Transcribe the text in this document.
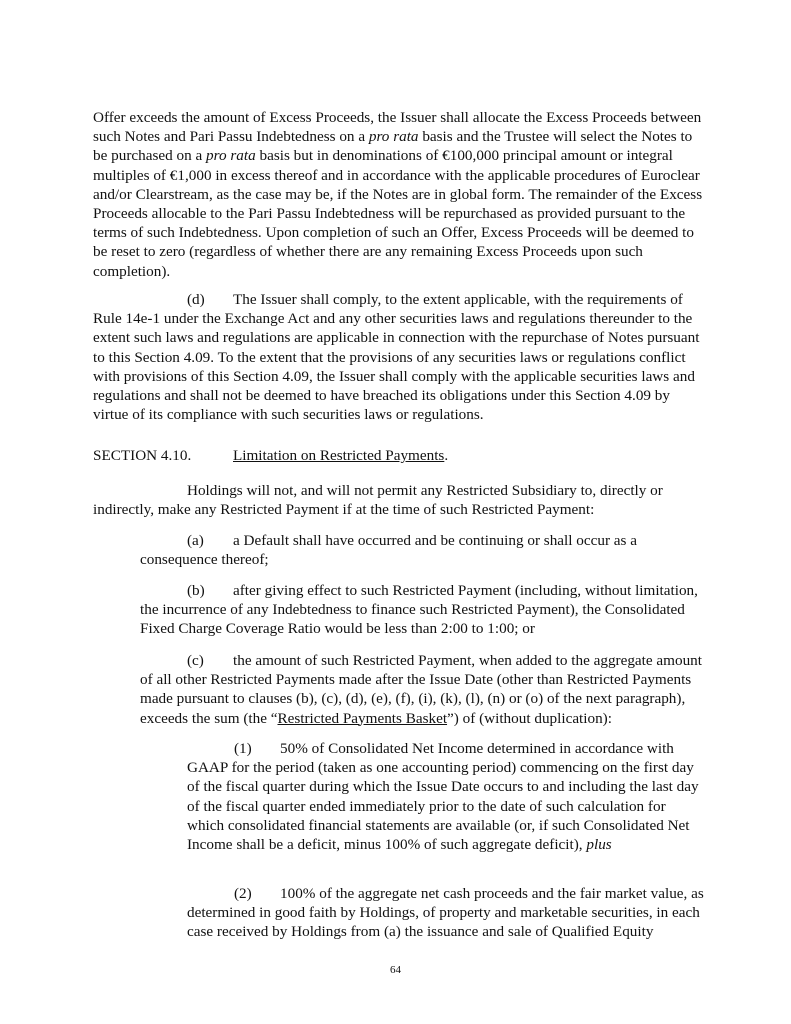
Offer exceeds the amount of Excess Proceeds, the Issuer shall allocate the Excess Proceeds between such Notes and Pari Passu Indebtedness on a pro rata basis and the Trustee will select the Notes to be purchased on a pro rata basis but in denominations of €100,000 principal amount or integral multiples of €1,000 in excess thereof and in accordance with the applicable procedures of Euroclear and/or Clearstream, as the case may be, if the Notes are in global form. The remainder of the Excess Proceeds allocable to the Pari Passu Indebtedness will be repurchased as provided pursuant to the terms of such Indebtedness. Upon completion of such an Offer, Excess Proceeds will be deemed to be reset to zero (regardless of whether there are any remaining Excess Proceeds upon such completion).

(d) The Issuer shall comply, to the extent applicable, with the requirements of Rule 14e-1 under the Exchange Act and any other securities laws and regulations thereunder to the extent such laws and regulations are applicable in connection with the repurchase of Notes pursuant to this Section 4.09. To the extent that the provisions of any securities laws or regulations conflict with provisions of this Section 4.09, the Issuer shall comply with the applicable securities laws and regulations and shall not be deemed to have breached its obligations under this Section 4.09 by virtue of its compliance with such securities laws or regulations.

SECTION 4.10.	Limitation on Restricted Payments.

Holdings will not, and will not permit any Restricted Subsidiary to, directly or indirectly, make any Restricted Payment if at the time of such Restricted Payment:

(a) a Default shall have occurred and be continuing or shall occur as a consequence thereof;

(b) after giving effect to such Restricted Payment (including, without limitation, the incurrence of any Indebtedness to finance such Restricted Payment), the Consolidated Fixed Charge Coverage Ratio would be less than 2:00 to 1:00; or

(c) the amount of such Restricted Payment, when added to the aggregate amount of all other Restricted Payments made after the Issue Date (other than Restricted Payments made pursuant to clauses (b), (c), (d), (e), (f), (i), (k), (l), (n) or (o) of the next paragraph), exceeds the sum (the “Restricted Payments Basket”) of (without duplication):

(1) 50% of Consolidated Net Income determined in accordance with GAAP for the period (taken as one accounting period) commencing on the first day of the fiscal quarter during which the Issue Date occurs to and including the last day of the fiscal quarter ended immediately prior to the date of such calculation for which consolidated financial statements are available (or, if such Consolidated Net Income shall be a deficit, minus 100% of such aggregate deficit), plus

(2) 100% of the aggregate net cash proceeds and the fair market value, as determined in good faith by Holdings, of property and marketable securities, in each case received by Holdings from (a) the issuance and sale of Qualified Equity

64
